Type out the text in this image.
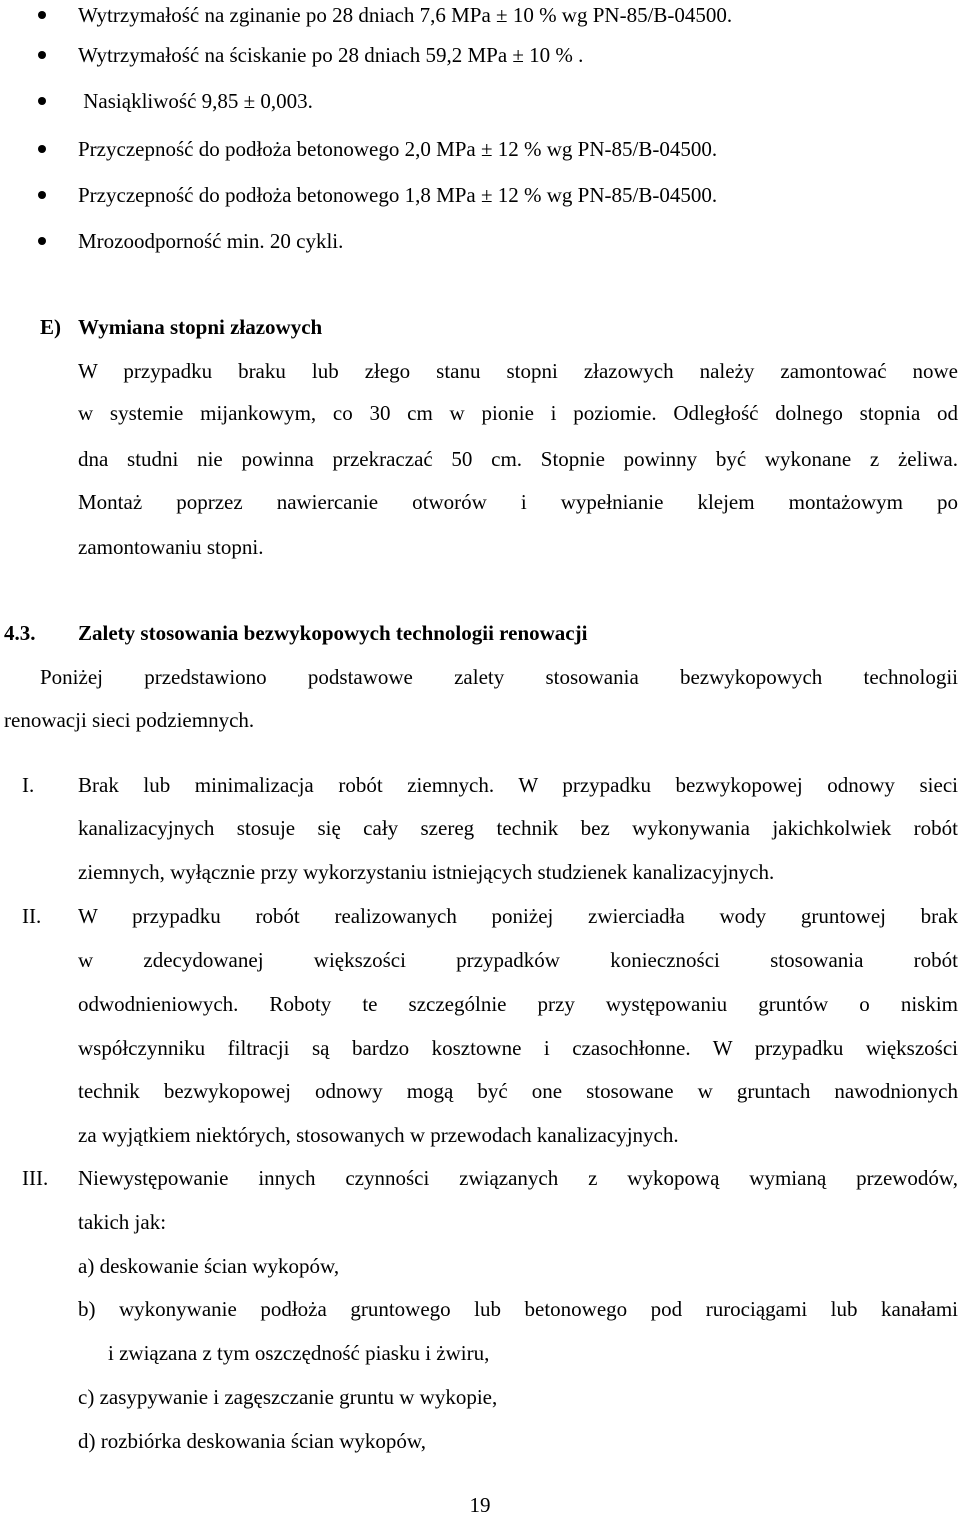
Wytrzymałość na zginanie po 28 dniach 7,6 MPa ± 10 % wg PN-85/B-04500.
Wytrzymałość na ściskanie po 28 dniach 59,2 MPa ± 10 % .
Nasiąkliwość 9,85 ± 0,003.
Przyczepność do podłoża betonowego 2,0 MPa ± 12 % wg PN-85/B-04500.
Przyczepność do podłoża betonowego 1,8 MPa ± 12 % wg PN-85/B-04500.
Mrozoodporność min. 20 cykli.
E) Wymiana stopni złazowych
W przypadku braku lub złego stanu stopni złazowych należy zamontować nowe
w systemie mijankowym, co 30 cm w pionie i poziomie. Odległość dolnego stopnia od
dna studni nie powinna przekraczać 50 cm. Stopnie powinny być wykonane z żeliwa.
Montaż poprzez nawiercanie otworów i wypełnianie klejem montażowym po
zamontowaniu stopni.
4.3. Zalety stosowania bezwykopowych technologii renowacji
Poniżej przedstawiono podstawowe zalety stosowania bezwykopowych technologii
renowacji sieci podziemnych.
I. Brak lub minimalizacja robót ziemnych. W przypadku bezwykopowej odnowy sieci
kanalizacyjnych stosuje się cały szereg technik bez wykonywania jakichkolwiek robót
ziemnych, wyłącznie przy wykorzystaniu istniejących studzienek kanalizacyjnych.
II. W przypadku robót realizowanych poniżej zwierciadła wody gruntowej brak
w zdecydowanej większości przypadków konieczności stosowania robót
odwodnieniowych. Roboty te szczególnie przy występowaniu gruntów o niskim
współczynniku filtracji są bardzo kosztowne i czasochłonne. W przypadku większości
technik bezwykopowej odnowy mogą być one stosowane w gruntach nawodnionych
za wyjątkiem niektórych, stosowanych w przewodach kanalizacyjnych.
III. Niewystępowanie innych czynności związanych z wykopową wymianą przewodów,
takich jak:
a) deskowanie ścian wykopów,
b) wykonywanie podłoża gruntowego lub betonowego pod rurociągami lub kanałami
i związana z tym oszczędność piasku i żwiru,
c) zasypywanie i zagęszczanie gruntu w wykopie,
d) rozbiórka deskowania ścian wykopów,
19
